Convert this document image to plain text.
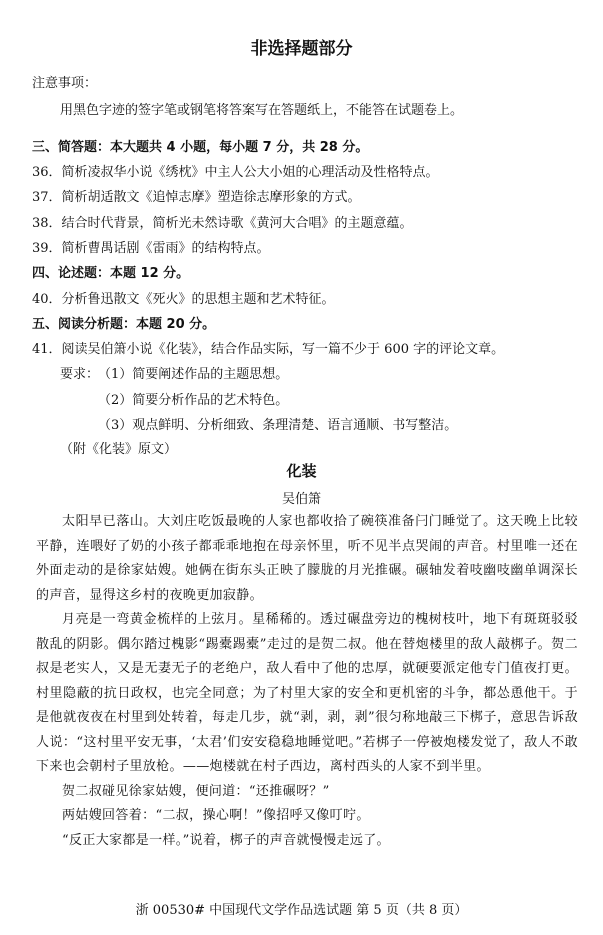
非选择题部分
注意事项：
用黑色字迹的签字笔或钢笔将答案写在答题纸上，不能答在试题卷上。
三、简答题：本大题共 4 小题，每小题 7 分，共 28 分。
36．简析凌叔华小说《绣枕》中主人公大小姐的心理活动及性格特点。
37．简析胡适散文《追悼志摩》塑造徐志摩形象的方式。
38．结合时代背景，简析光未然诗歌《黄河大合唱》的主题意蕴。
39．简析曹禺话剧《雷雨》的结构特点。
四、论述题：本题 12 分。
40．分析鲁迅散文《死火》的思想主题和艺术特征。
五、阅读分析题：本题 20 分。
41．阅读吴伯箫小说《化装》，结合作品实际，写一篇不少于 600 字的评论文章。
要求：
（1）简要阐述作品的主题思想。
（2）简要分析作品的艺术特色。
（3）观点鲜明、分析细致、条理清楚、语言通顺、书写整洁。
（附《化装》原文）
化装
吴伯箫

太阳早已落山。大刘庄吃饭最晚的人家也都收拾了碗筷准备闩门睡觉了。这天晚上比较平静，连喂好了奶的小孩子都乖乖地抱在母亲怀里，听不见半点哭闹的声音。村里唯一还在外面走动的是徐家姑嫂。她俩在街东头正映了朦胧的月光推碾。碾轴发着吱幽吱幽单调深长的声音，显得这乡村的夜晚更加寂静。

月亮是一弯黄金梳样的上弦月。星稀稀的。透过碾盘旁边的槐树枝叶，地下有斑斑驳驳散乱的阴影。偶尔踏过槐影“踢橐踢橐”走过的是贺二叔。他在替炮楼里的敌人敲梆子。贺二叔是老实人，又是无妻无子的老绝户，敌人看中了他的忠厚，就硬要派定他专门值夜打更。村里隐蔽的抗日政权，也完全同意；为了村里大家的安全和更机密的斗争，都怂恿他干。于是他就夜夜在村里到处转着，每走几步，就“剥，剥，剥”很匀称地敲三下梆子，意思告诉敌人说：“这村里平安无事，‘太君’们安安稳稳地睡觉吧。”若梆子一停被炮楼发觉了，敌人不敢下来也会朝村子里放枪。——炮楼就在村子西边，离村西头的人家不到半里。

贺二叔碰见徐家姑嫂，便问道：“还推碾呀？”

两姑嫂回答着：“二叔，操心啊！”像招呼又像叮咛。

“反正大家都是一样。”说着，梆子的声音就慢慢走远了。

浙 00530# 中国现代文学作品选试题 第 5 页（共 8 页）
